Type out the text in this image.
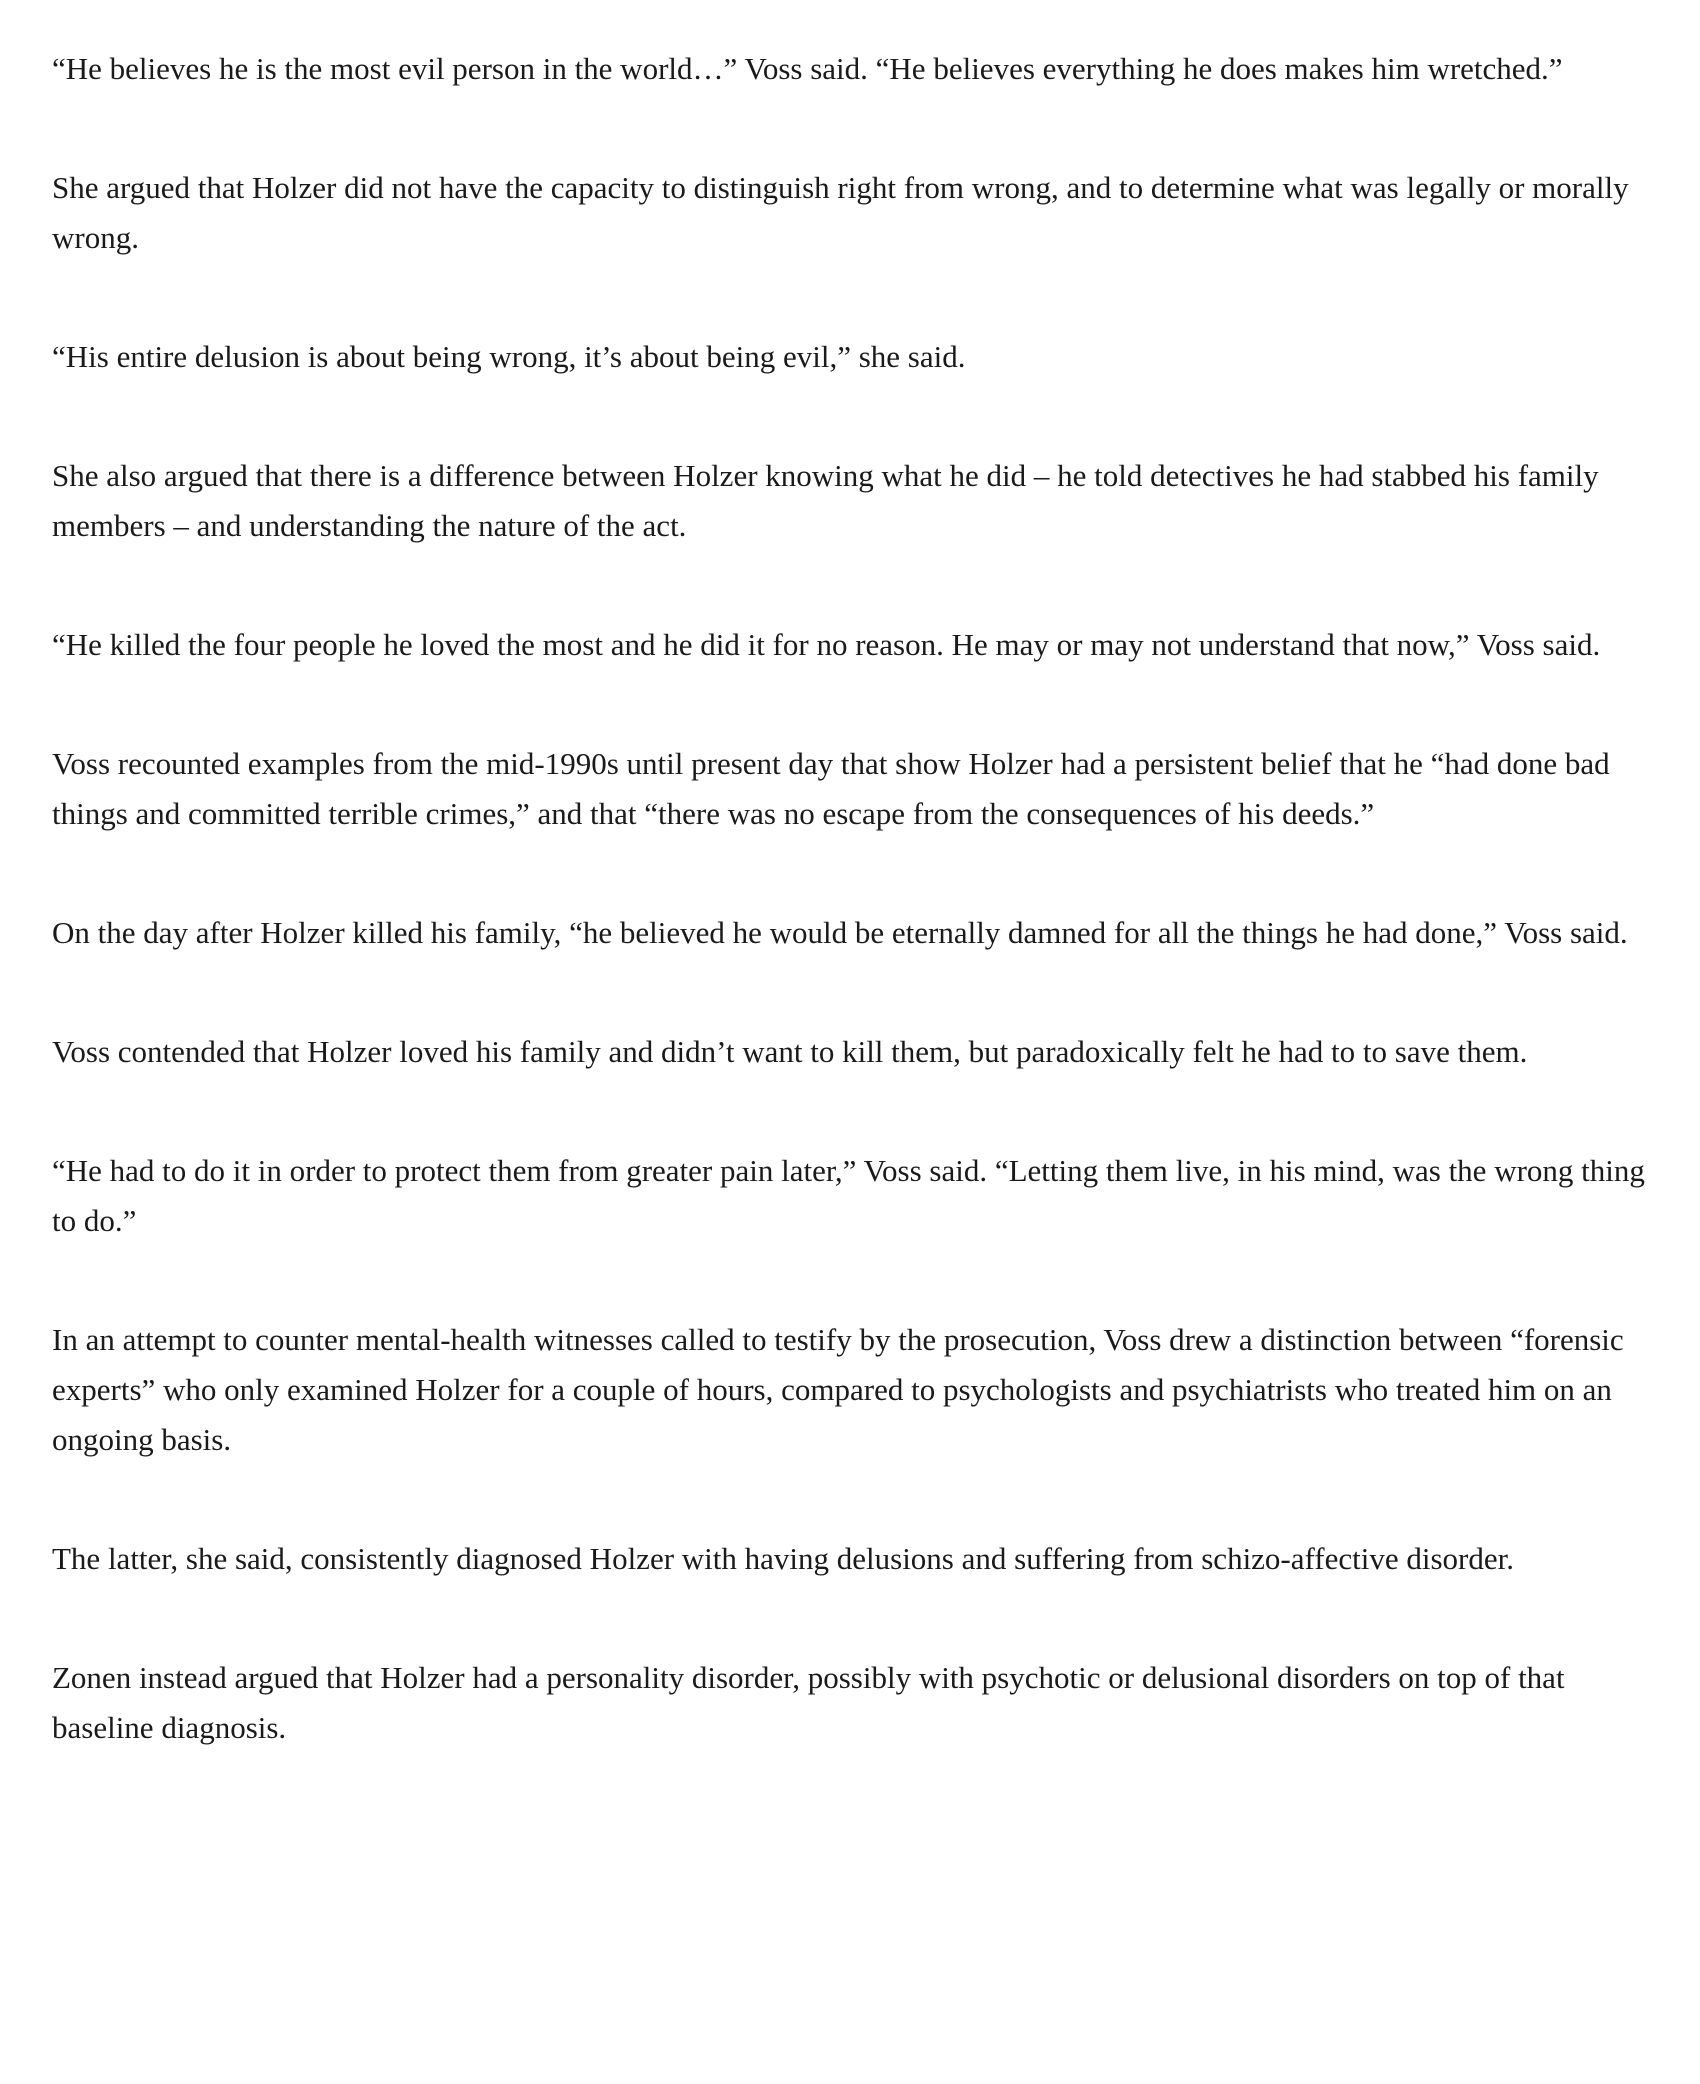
“He believes he is the most evil person in the world…” Voss said. “He believes everything he does makes him wretched.”

She argued that Holzer did not have the capacity to distinguish right from wrong, and to determine what was legally or morally wrong.

“His entire delusion is about being wrong, it’s about being evil,” she said.

She also argued that there is a difference between Holzer knowing what he did – he told detectives he had stabbed his family members – and understanding the nature of the act.

“He killed the four people he loved the most and he did it for no reason. He may or may not understand that now,” Voss said.

Voss recounted examples from the mid-1990s until present day that show Holzer had a persistent belief that he “had done bad things and committed terrible crimes,” and that “there was no escape from the consequences of his deeds.”

On the day after Holzer killed his family, “he believed he would be eternally damned for all the things he had done,” Voss said.

Voss contended that Holzer loved his family and didn’t want to kill them, but paradoxically felt he had to to save them.

“He had to do it in order to protect them from greater pain later,” Voss said. “Letting them live, in his mind, was the wrong thing to do.”

In an attempt to counter mental-health witnesses called to testify by the prosecution, Voss drew a distinction between “forensic experts” who only examined Holzer for a couple of hours, compared to psychologists and psychiatrists who treated him on an ongoing basis.

The latter, she said, consistently diagnosed Holzer with having delusions and suffering from schizo-affective disorder.

Zonen instead argued that Holzer had a personality disorder, possibly with psychotic or delusional disorders on top of that baseline diagnosis.
